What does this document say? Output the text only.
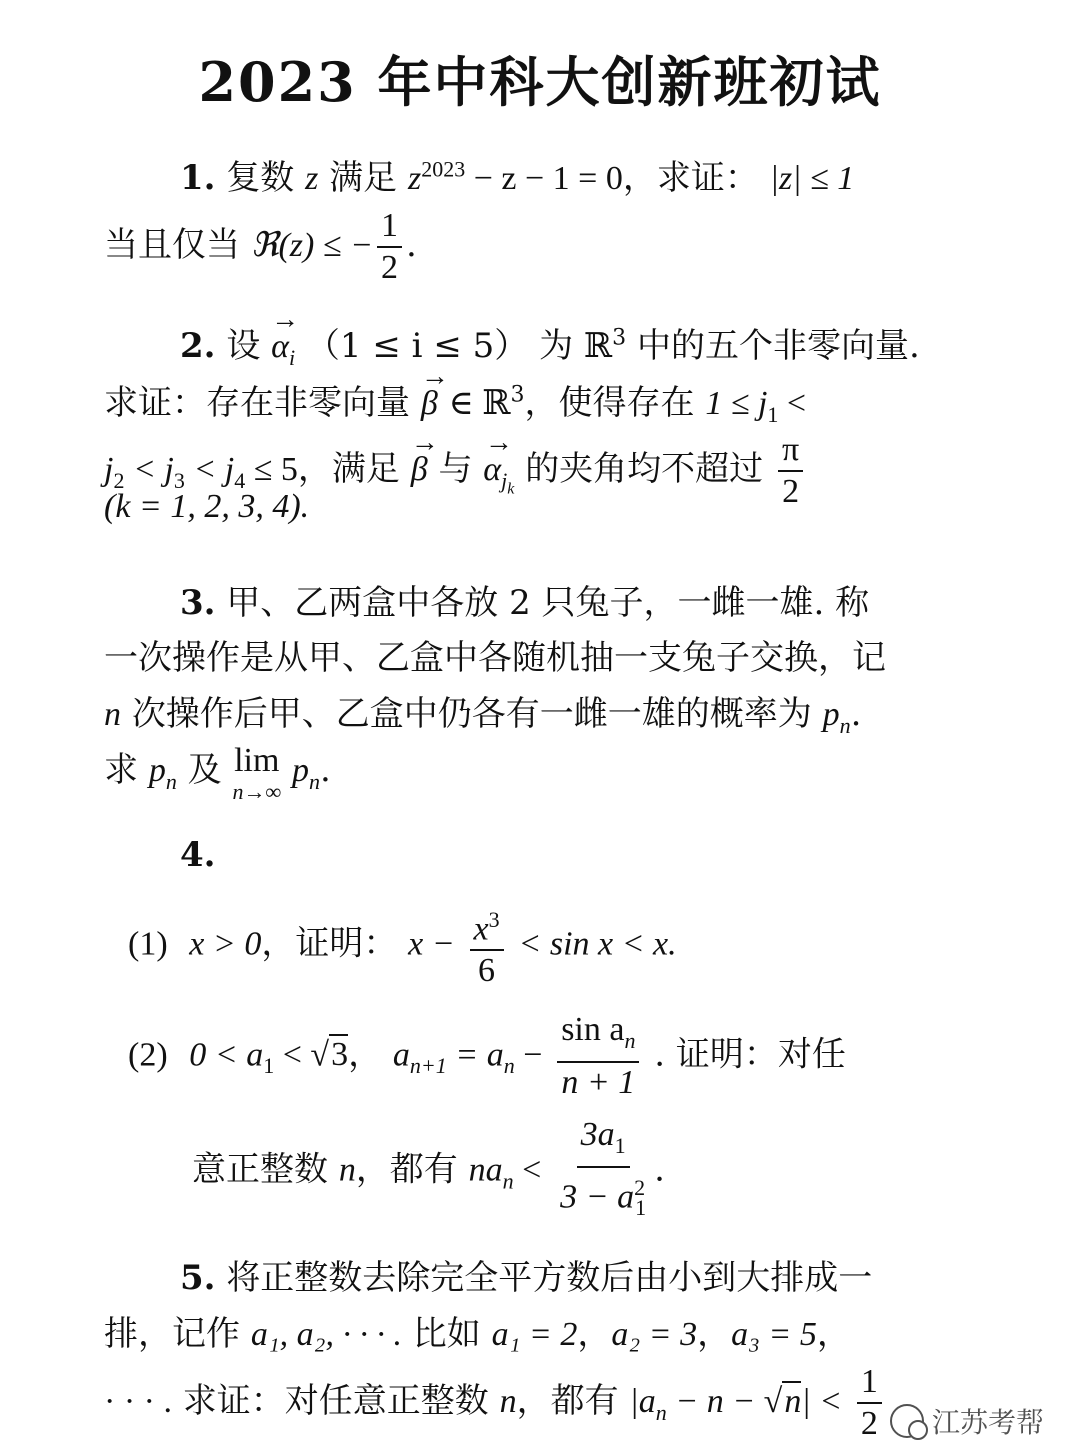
2023 年中科大创新班初试
1. 复数 z 满足 $z^{2023} - z - 1 = 0$，求证： |z| ≤ 1
当且仅当 ℜ(z) ≤ − $\frac{1}{2}$ .
2. 设 → $\alpha_i$ （1 ≤ i ≤ 5） 为 ℝ$^3$ 中的五个非零向量.
求证：存在非零向量 → β ∈ ℝ$^3$，使得存在 $1 \le j_1$ <
$j_2 < j_3 < j_4 \le 5$，满足 → β 与 → $\alpha_{j_k}$ 的夹角均不超过 $\frac{\pi}{2}$
(k = 1, 2, 3, 4).
3. 甲、乙两盒中各放 2 只兔子，一雌一雄. 称
一次操作是从甲、乙盒中各随机抽一支兔子交换，记
n 次操作后甲、乙盒中仍各有一雌一雄的概率为 $p_n$.
求 $p_n$ 及 lim
n→∞
$p_n$.
4.
(1) x > 0，证明： $x - \frac{x^3}{6} < \sin x < x$.
(2) $0 < a_1 < √3$， $a_{n+1} = a_n - \frac{\sin a_n}{n + 1}$ . 证明：对任
意正整数 n，都有 $na_n < \frac{3a_1}{3 - a^2_1}$ .
5. 将正整数去除完全平方数后由小到大排成一
排，记作 a₁, a₂, · · · . 比如 a₁ = 2，a₂ = 3，a₃ = 5，
· · · . 求证：对任意正整数 n，都有 $|a_n - n - √n| < \frac{1}{2}$ 江苏考帮
